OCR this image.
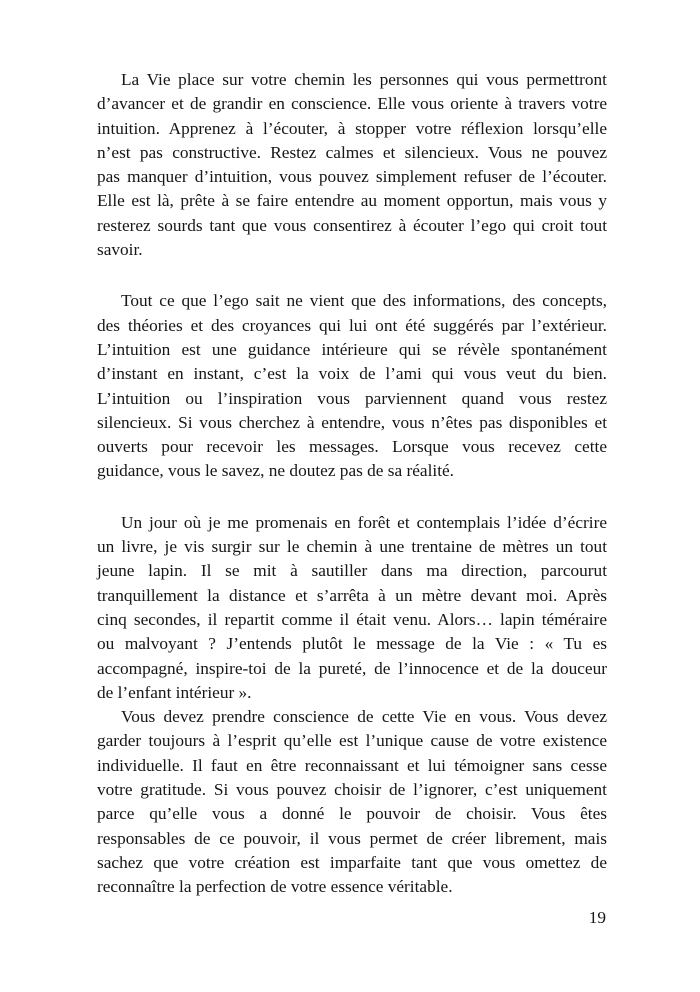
La Vie place sur votre chemin les personnes qui vous permettront
d’avancer et de grandir en conscience. Elle vous oriente à travers votre
intuition. Apprenez à l’écouter, à stopper votre réflexion lorsqu’elle
n’est pas constructive. Restez calmes et silencieux. Vous ne pouvez
pas manquer d’intuition, vous pouvez simplement refuser de l’écouter.
Elle est là, prête à se faire entendre au moment opportun, mais vous y
resterez sourds tant que vous consentirez à écouter l’ego qui croit tout
savoir.

Tout ce que l’ego sait ne vient que des informations, des concepts,
des théories et des croyances qui lui ont été suggérés par l’extérieur.
L’intuition est une guidance intérieure qui se révèle spontanément
d’instant en instant, c’est la voix de l’ami qui vous veut du bien.
L’intuition ou l’inspiration vous parviennent quand vous restez
silencieux. Si vous cherchez à entendre, vous n’êtes pas disponibles et
ouverts pour recevoir les messages. Lorsque vous recevez cette
guidance, vous le savez, ne doutez pas de sa réalité.

Un jour où je me promenais en forêt et contemplais l’idée d’écrire
un livre, je vis surgir sur le chemin à une trentaine de mètres un tout
jeune lapin. Il se mit à sautiller dans ma direction, parcourut
tranquillement la distance et s’arrêta à un mètre devant moi. Après
cinq secondes, il repartit comme il était venu. Alors… lapin téméraire
ou malvoyant ? J’entends plutôt le message de la Vie : « Tu es
accompagné, inspire-toi de la pureté, de l’innocence et de la douceur
de l’enfant intérieur ».

Vous devez prendre conscience de cette Vie en vous. Vous devez
garder toujours à l’esprit qu’elle est l’unique cause de votre existence
individuelle. Il faut en être reconnaissant et lui témoigner sans cesse
votre gratitude. Si vous pouvez choisir de l’ignorer, c’est uniquement
parce qu’elle vous a donné le pouvoir de choisir. Vous êtes
responsables de ce pouvoir, il vous permet de créer librement, mais
sachez que votre création est imparfaite tant que vous omettez de
reconnaître la perfection de votre essence véritable.

19
